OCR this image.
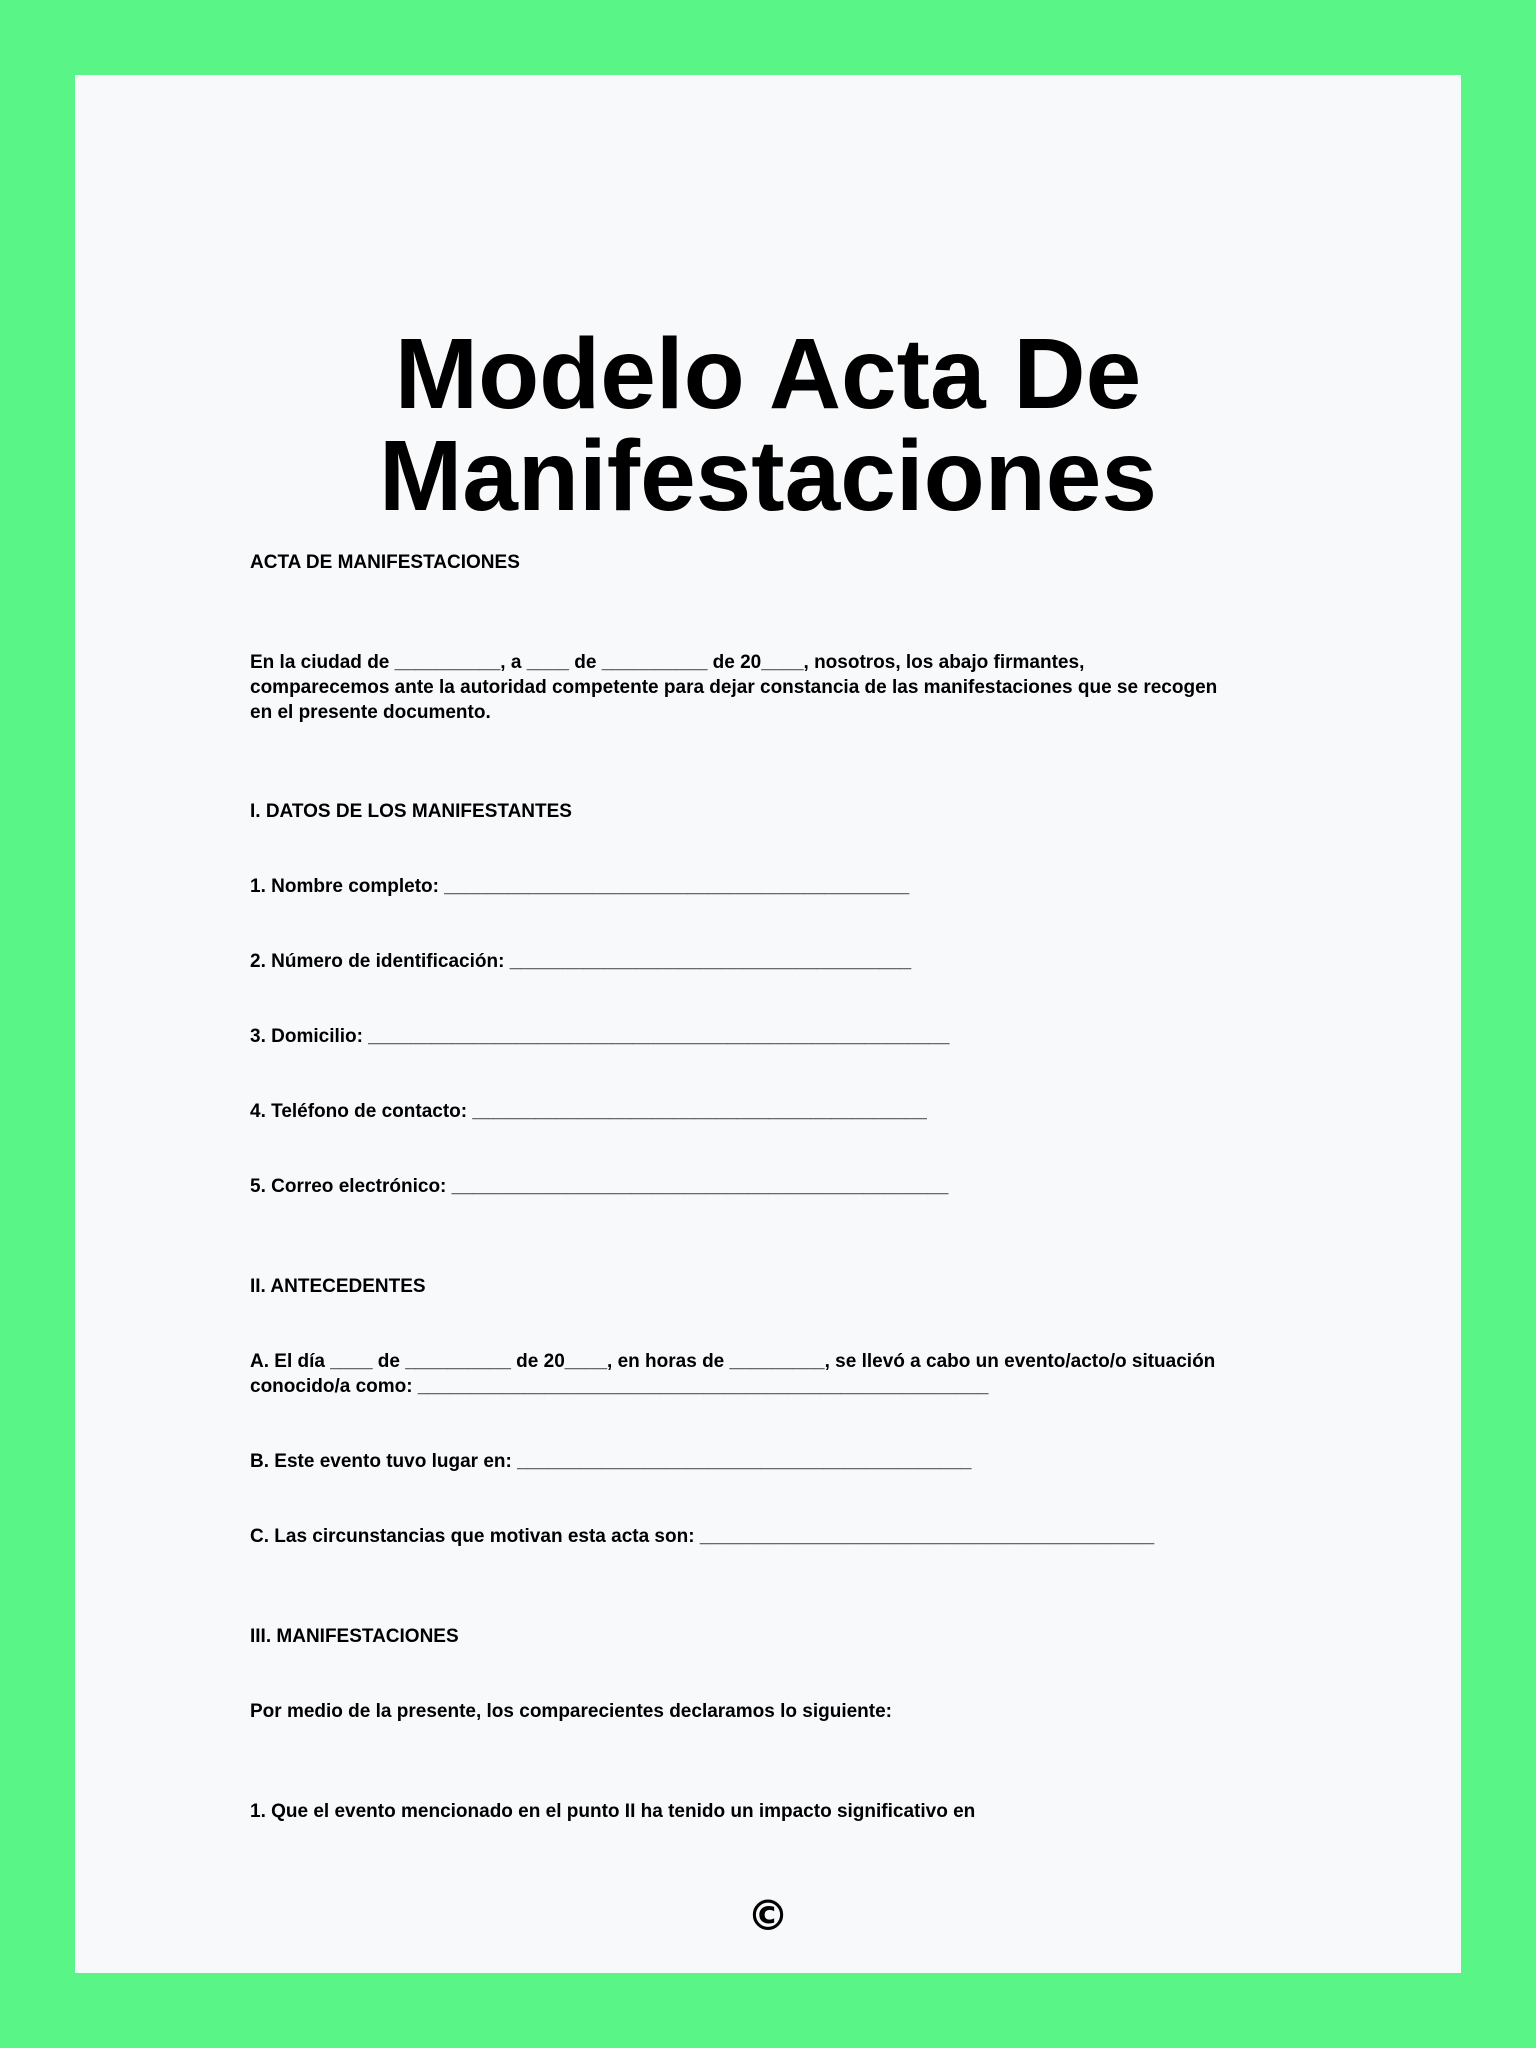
Modelo Acta De
Manifestaciones

ACTA DE MANIFESTACIONES

En la ciudad de __________, a ____ de __________ de 20____, nosotros, los abajo firmantes,
comparecemos ante la autoridad competente para dejar constancia de las manifestaciones que se recogen
en el presente documento.

I. DATOS DE LOS MANIFESTANTES

1. Nombre completo: ____________________________________________

2. Número de identificación: ______________________________________

3. Domicilio: _______________________________________________________

4. Teléfono de contacto: ___________________________________________

5. Correo electrónico: _______________________________________________

II. ANTECEDENTES

A. El día ____ de __________ de 20____, en horas de _________, se llevó a cabo un evento/acto/o situación
conocido/a como: ______________________________________________________

B. Este evento tuvo lugar en: ___________________________________________

C. Las circunstancias que motivan esta acta son: ___________________________________________

III. MANIFESTACIONES

Por medio de la presente, los comparecientes declaramos lo siguiente:

1. Que el evento mencionado en el punto II ha tenido un impacto significativo en

©
